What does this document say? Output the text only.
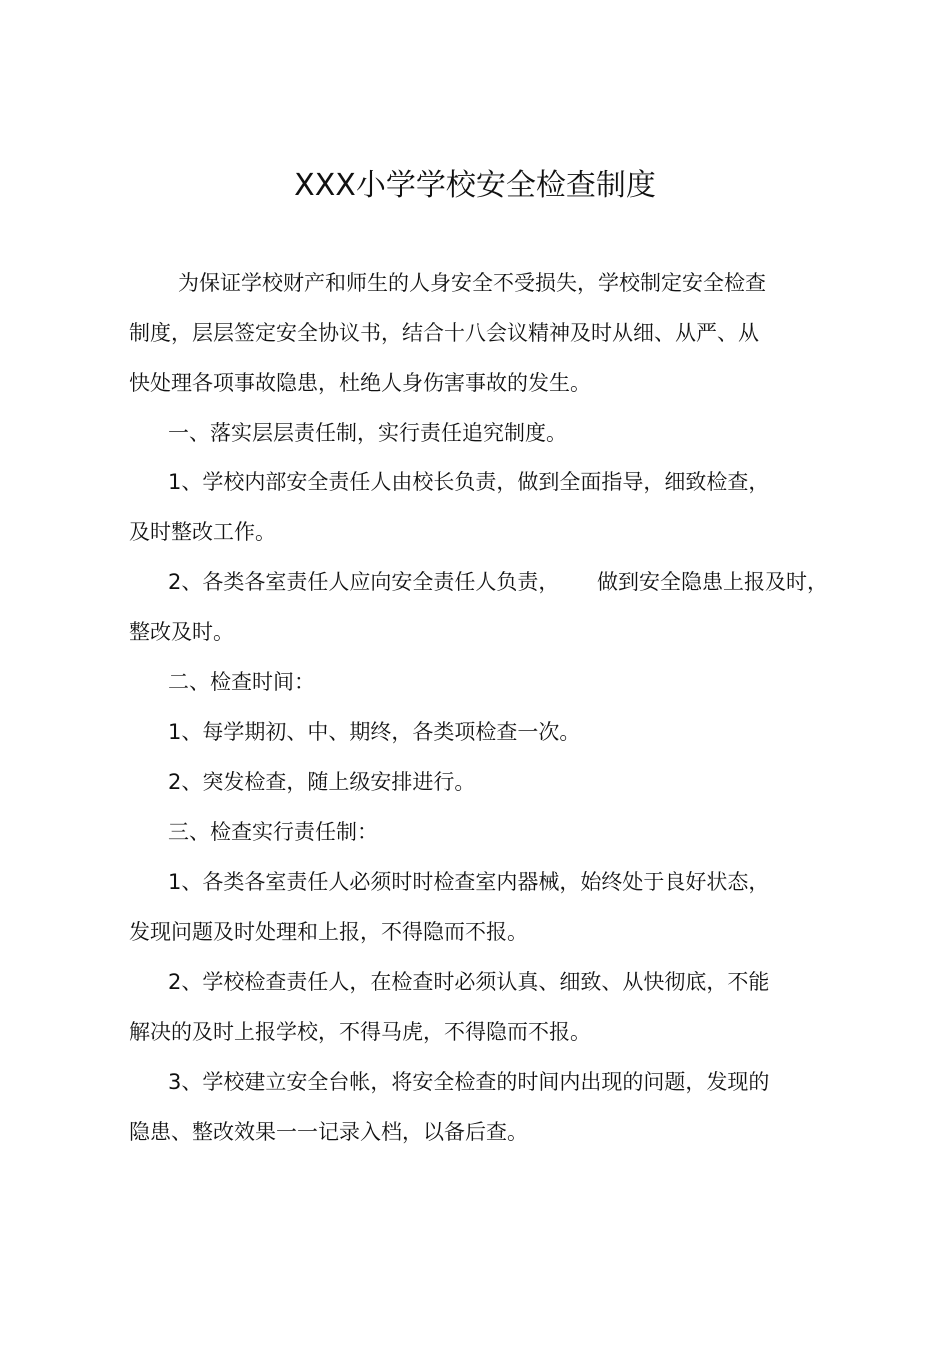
XXX小学学校安全检查制度
为保证学校财产和师生的人身安全不受损失，学校制定安全检查
制度，层层签定安全协议书，结合十八会议精神及时从细、从严、从
快处理各项事故隐患，杜绝人身伤害事故的发生。
一、落实层层责任制，实行责任追究制度。
1、学校内部安全责任人由校长负责，做到全面指导，细致检查，
及时整改工作。
2、各类各室责任人应向安全责任人负责， 做到安全隐患上报及时，
整改及时。
二、检查时间：
1、每学期初、中、期终，各类项检查一次。
2、突发检查，随上级安排进行。
三、检查实行责任制：
1、各类各室责任人必须时时检查室内器械，始终处于良好状态，
发现问题及时处理和上报，不得隐而不报。
2、学校检查责任人，在检查时必须认真、细致、从快彻底，不能
解决的及时上报学校，不得马虎，不得隐而不报。
3、学校建立安全台帐，将安全检查的时间内出现的问题，发现的
隐患、整改效果一一记录入档，以备后查。
